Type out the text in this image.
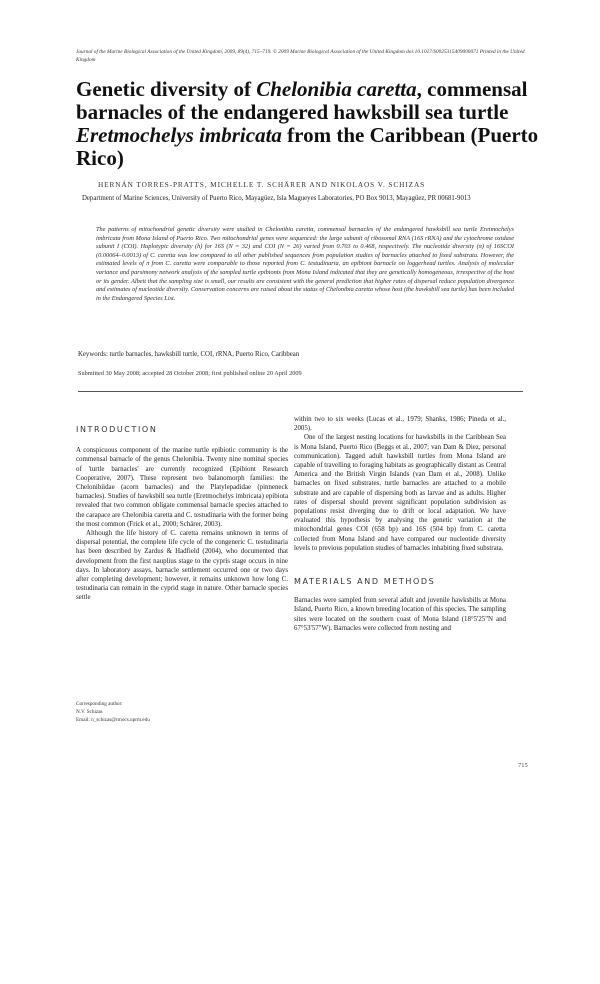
Journal of the Marine Biological Association of the United Kingdom, 2009, 89(4), 715–719. © 2009 Marine Biological Association of the United Kingdom doi:10.1017/S0025315409000071 Printed in the United Kingdom
Genetic diversity of Chelonibia caretta, commensal barnacles of the endangered hawksbill sea turtle Eretmochelys imbricata from the Caribbean (Puerto Rico)
HERNÁN TORRES-PRATTS, MICHELLE T. SCHÄRER AND NIKOLAOS V. SCHIZAS
Department of Marine Sciences, University of Puerto Rico, Mayagüez, Isla Magueyes Laboratories, PO Box 9013, Mayagüez, PR 00681-9013
The patterns of mitochondrial genetic diversity were studied in Chelonibia caretta, commensal barnacles of the endangered hawksbill sea turtle Eretmochelys imbricata from Mona Island of Puerto Rico. Two mitochondrial genes were sequenced: the large subunit of ribosomal RNA (16S rRNA) and the cytochrome oxidase subunit I (COI). Haplotypic diversity (h) for 16S (N = 32) and COI (N = 26) varied from 0.703 to 0.468, respectively. The nucleotide diversity (π) of 16SCOI (0.00064–0.0013) of C. caretta was low compared to all other published sequences from population studies of barnacles attached to fixed substrata. However, the estimated levels of π from C. caretta were comparable to those reported from C. testudinaria, an epibiont barnacle on loggerhead turtles. Analysis of molecular variance and parsimony network analysis of the sampled turtle epibionts from Mona Island indicated that they are genetically homogeneous, irrespective of the host or its gender. Albeit that the sampling size is small, our results are consistent with the general prediction that higher rates of dispersal reduce population divergence and estimates of nucleotide diversity. Conservation concerns are raised about the status of Chelonibia caretta whose host (the hawksbill sea turtle) has been included in the Endangered Species List.
Keywords: turtle barnacles, hawksbill turtle, COI, rRNA, Puerto Rico, Caribbean
Submitted 30 May 2008; accepted 28 October 2008; first published online 20 April 2009
INTRODUCTION

A conspicuous component of the marine turtle epibiotic community is the commensal barnacle of the genus Chelonibia. Twenty nine nominal species of 'turtle barnacles' are currently recognized (Epibiont Research Cooperative, 2007). These represent two balanomorph families: the Chelonibiidae (acorn barnacles) and the Platylepadidae (pinneneck barnacles). Studies of hawksbill sea turtle (Eretmochelys imbricata) epibiota revealed that two common obligate commensal barnacle species attached to the carapace are Chelonibia caretta and C. testudinaria with the former being the most common (Frick et al., 2000; Schärer, 2003).

Although the life history of C. caretta remains unknown in terms of dispersal potential, the complete life cycle of the congeneric C. testudinaria has been described by Zardus & Hadfield (2004), who documented that development from the first nauplius stage to the cypris stage occurs in nine days. In laboratory assays, barnacle settlement occurred one or two days after completing development; however, it remains unknown how long C. testudinaria can remain in the cyprid stage in nature. Other barnacle species settle

Corresponding author:
N.V. Schizas
Email: n_schizas@rmocs.uprm.edu

within two to six weeks (Lucas et al., 1979; Shanks, 1986; Pineda et al., 2005).

One of the largest nesting locations for hawksbills in the Caribbean Sea is Mona Island, Puerto Rico (Beggs et al., 2007; van Dam & Diez, personal communication). Tagged adult hawksbill turtles from Mona Island are capable of travelling to foraging habitats as geographically distant as Central America and the British Virgin Islands (van Dam et al., 2008). Unlike barnacles on fixed substrates, turtle barnacles are attached to a mobile substrate and are capable of dispersing both as larvae and as adults. Higher rates of dispersal should prevent significant population subdivision as populations resist diverging due to drift or local adaptation. We have evaluated this hypothesis by analysing the genetic variation at the mitochondrial genes COI (658 bp) and 16S (504 bp) from C. caretta collected from Mona Island and have compared our nucleotide diversity levels to previous population studies of barnacles inhabiting fixed substrata.

MATERIALS AND METHODS

Barnacles were sampled from several adult and juvenile hawksbills at Mona Island, Puerto Rico, a known breeding location of this species. The sampling sites were located on the southern coast of Mona Island (18°5'25"N and 67°53'57"W). Barnacles were collected from nesting and

715
